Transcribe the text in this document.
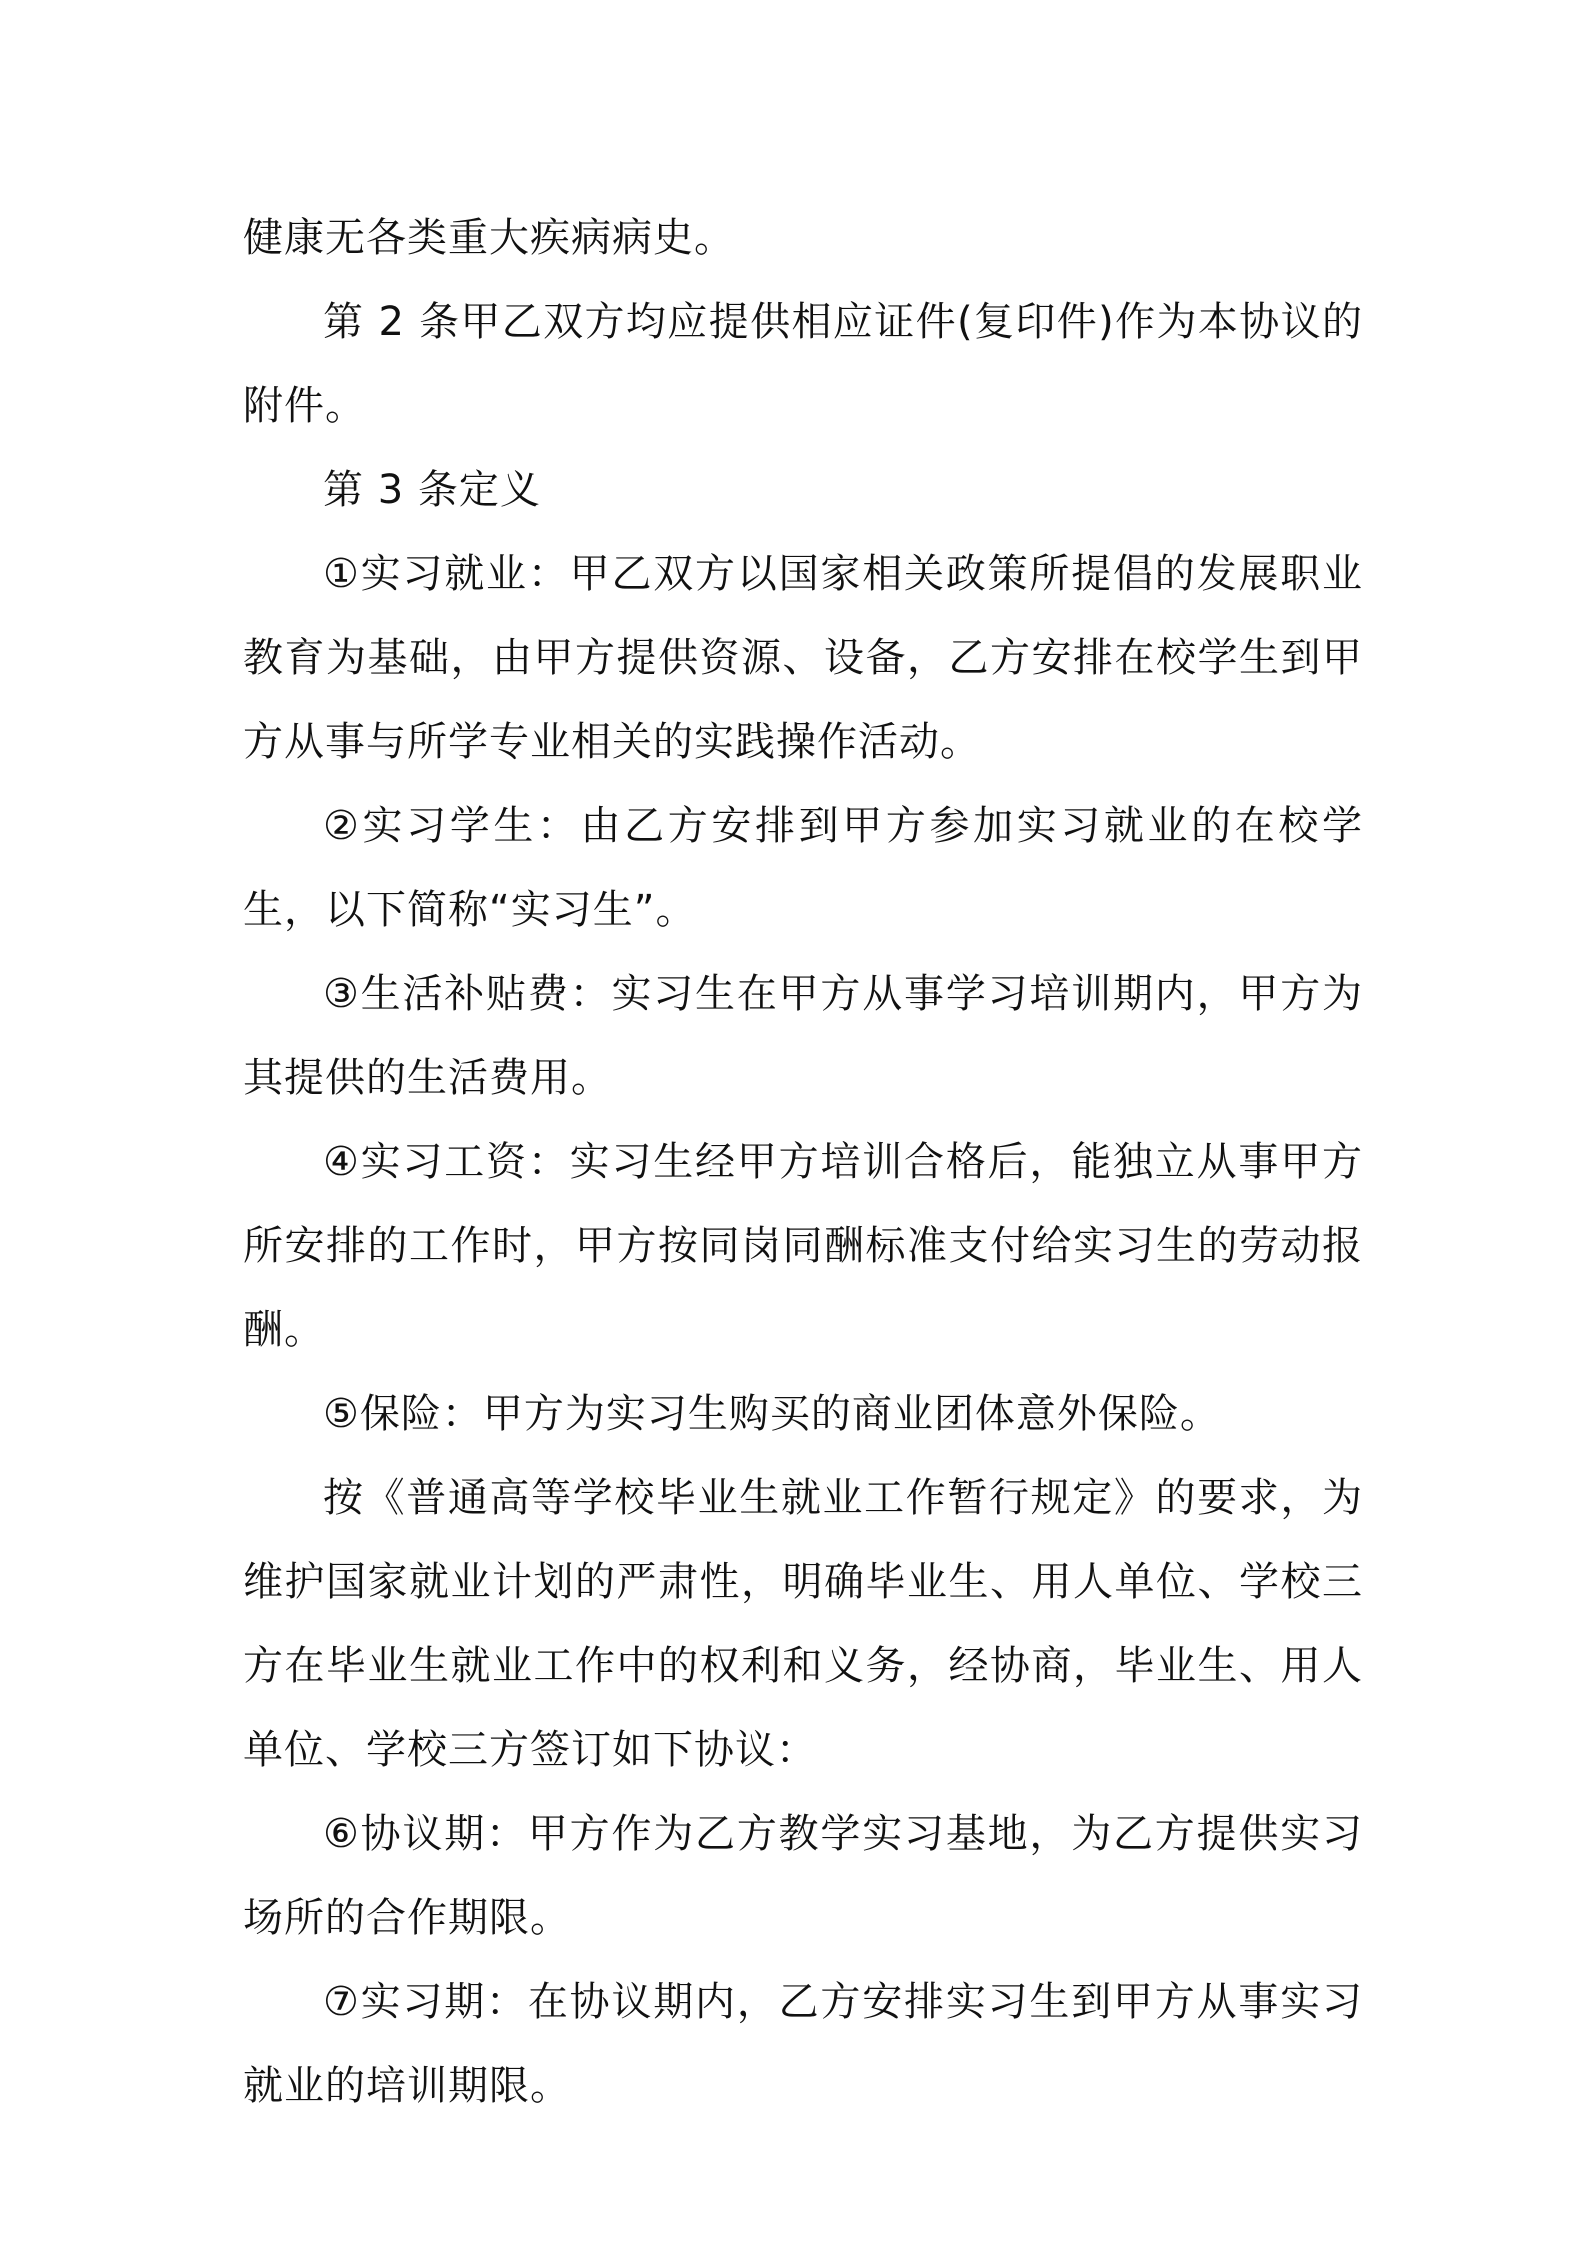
健康无各类重大疾病病史。

第 2 条甲乙双方均应提供相应证件(复印件)作为本协议的附件。

第 3 条定义

①实习就业：甲乙双方以国家相关政策所提倡的发展职业教育为基础，由甲方提供资源、设备，乙方安排在校学生到甲方从事与所学专业相关的实践操作活动。

②实习学生：由乙方安排到甲方参加实习就业的在校学生，以下简称“实习生”。

③生活补贴费：实习生在甲方从事学习培训期内，甲方为其提供的生活费用。

④实习工资：实习生经甲方培训合格后，能独立从事甲方所安排的工作时，甲方按同岗同酬标准支付给实习生的劳动报酬。

⑤保险：甲方为实习生购买的商业团体意外保险。

按《普通高等学校毕业生就业工作暂行规定》的要求，为维护国家就业计划的严肃性，明确毕业生、用人单位、学校三方在毕业生就业工作中的权利和义务，经协商，毕业生、用人单位、学校三方签订如下协议：

⑥协议期：甲方作为乙方教学实习基地，为乙方提供实习场所的合作期限。

⑦实习期：在协议期内，乙方安排实习生到甲方从事实习就业的培训期限。
